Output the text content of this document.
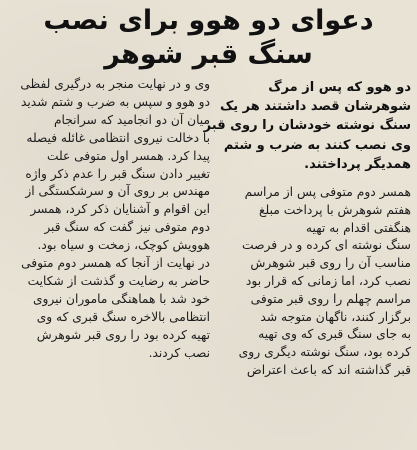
دعوای دو هوو برای نصب
سنگ قبر شوهر
دو هوو که پس از مرگ
شوهرشان قصد داشتند هر یک
سنگ نوشته خودشان را روی قبر
وی نصب کنند به ضرب و شتم
همدیگر پرداختند.
همسر دوم متوفی پس از مراسم
هفتم شوهرش با پرداخت مبلغ
هنگفتی اقدام به تهیه
سنگ نوشته ای کرده و در فرصت
مناسب آن را روی قبر شوهرش
نصب کرد، اما زمانی که قرار بود
مراسم چهلم را روی قبر متوفی
برگزار کنند، ناگهان متوجه شد
به جای سنگ قبری که وی تهیه
کرده بود، سنگ نوشته دیگری روی
قبر گذاشته اند که باعث اعتراض
وی و در نهایت منجر به درگیری لفظی
دو هوو و سپس به ضرب و شتم شدید
میان آن دو انجامید که سرانجام
با دخالت نیروی انتظامی غائله فیصله
پیدا کرد. همسر اول متوفی علت
تغییر دادن سنگ قبر را عدم ذکر واژه
مهندس بر روی آن و سرشکستگی از
این اقوام و آشنایان ذکر کرد، همسر
دوم متوفی نیز گفت که سنگ قبر
هوویش کوچک، زمخت و سیاه بود.
در نهایت از آنجا که همسر دوم متوفی
حاضر به رضایت و گذشت از شکایت
خود شد با هماهنگی ماموران نیروی
انتظامی بالاخره سنگ قبری که وی
تهیه کرده بود را روی قبر شوهرش
نصب کردند.
